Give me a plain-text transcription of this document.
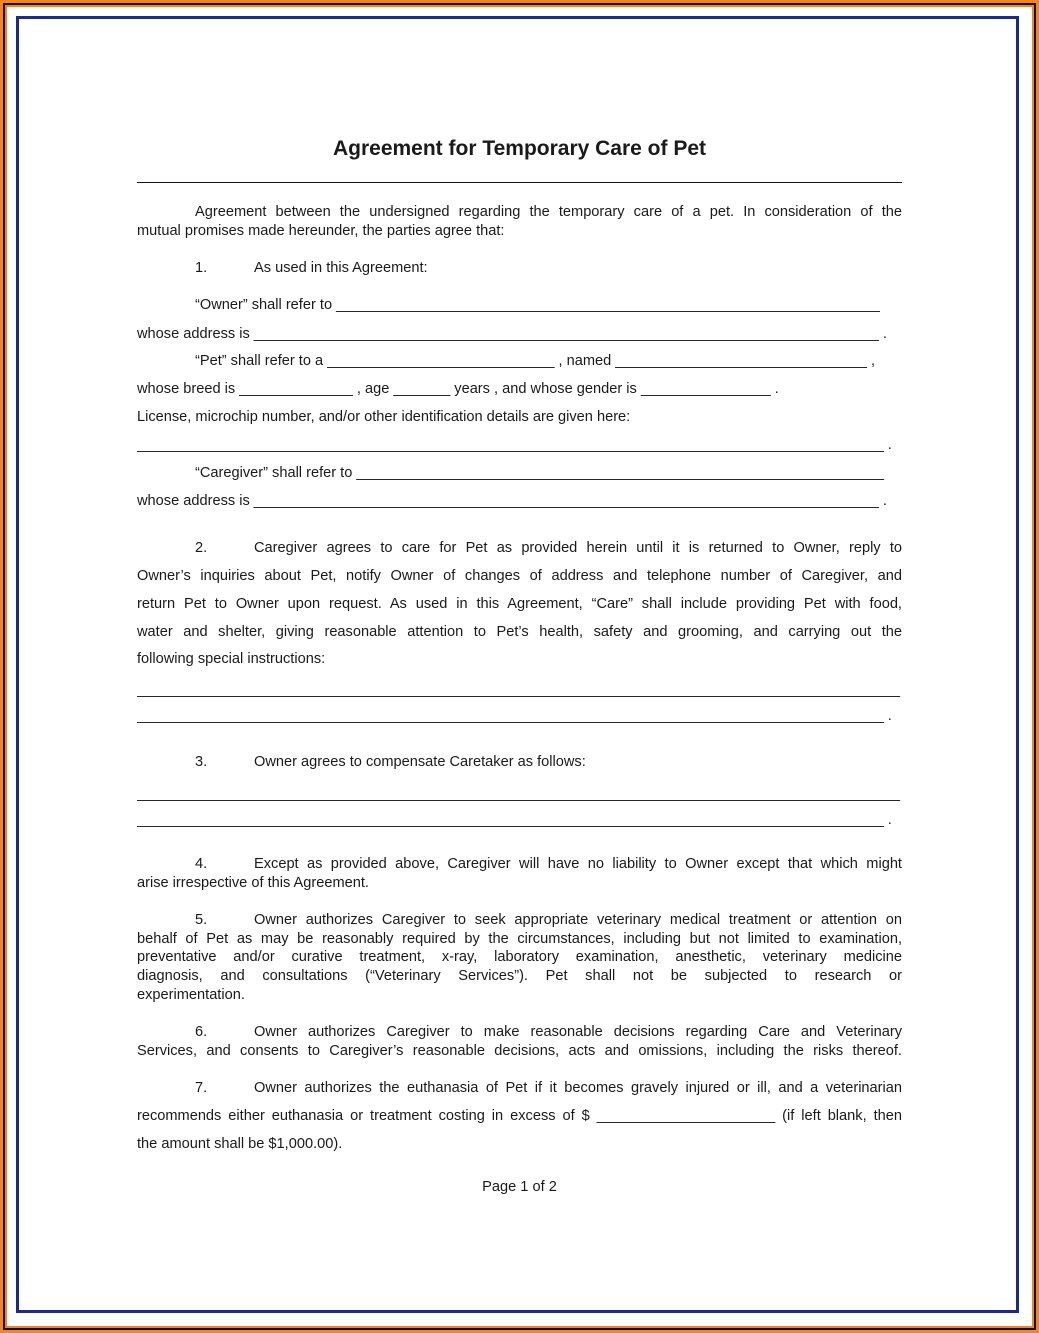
Agreement for Temporary Care of Pet
Agreement between the undersigned regarding the temporary care of a pet. In consideration of the
mutual promises made hereunder, the parties agree that:
1.	As used in this Agreement:
“Owner” shall refer to ___________________________________________________________________
whose address is _____________________________________________________________________________ .
“Pet” shall refer to a ____________________________ , named _______________________________ ,
whose breed is ______________ , age _______ years , and whose gender is ________________ .
License, microchip number, and/or other identification details are given here:
____________________________________________________________________________________________ .
“Caregiver” shall refer to _________________________________________________________________
whose address is _____________________________________________________________________________ .
2.	Caregiver agrees to care for Pet as provided herein until it is returned to Owner, reply to
Owner’s inquiries about Pet, notify Owner of changes of address and telephone number of Caregiver, and
return Pet to Owner upon request. As used in this Agreement, “Care” shall include providing Pet with food,
water and shelter, giving reasonable attention to Pet’s health, safety and grooming, and carrying out the
following special instructions:
______________________________________________________________________________________________
____________________________________________________________________________________________ .
3.	Owner agrees to compensate Caretaker as follows:
______________________________________________________________________________________________
____________________________________________________________________________________________ .
4.	Except as provided above, Caregiver will have no liability to Owner except that which might
arise irrespective of this Agreement.
5.	Owner authorizes Caregiver to seek appropriate veterinary medical treatment or attention on
behalf of Pet as may be reasonably required by the circumstances, including but not limited to examination,
preventative and/or curative treatment, x-ray, laboratory examination, anesthetic, veterinary medicine
diagnosis, and consultations (“Veterinary Services”). Pet shall not be subjected to research or
experimentation.
6.	Owner authorizes Caregiver to make reasonable decisions regarding Care and Veterinary
Services, and consents to Caregiver’s reasonable decisions, acts and omissions, including the risks thereof.
7.	Owner authorizes the euthanasia of Pet if it becomes gravely injured or ill, and a veterinarian
recommends either euthanasia or treatment costing in excess of $ ______________________ (if left blank, then
the amount shall be $1,000.00).
Page 1 of 2
